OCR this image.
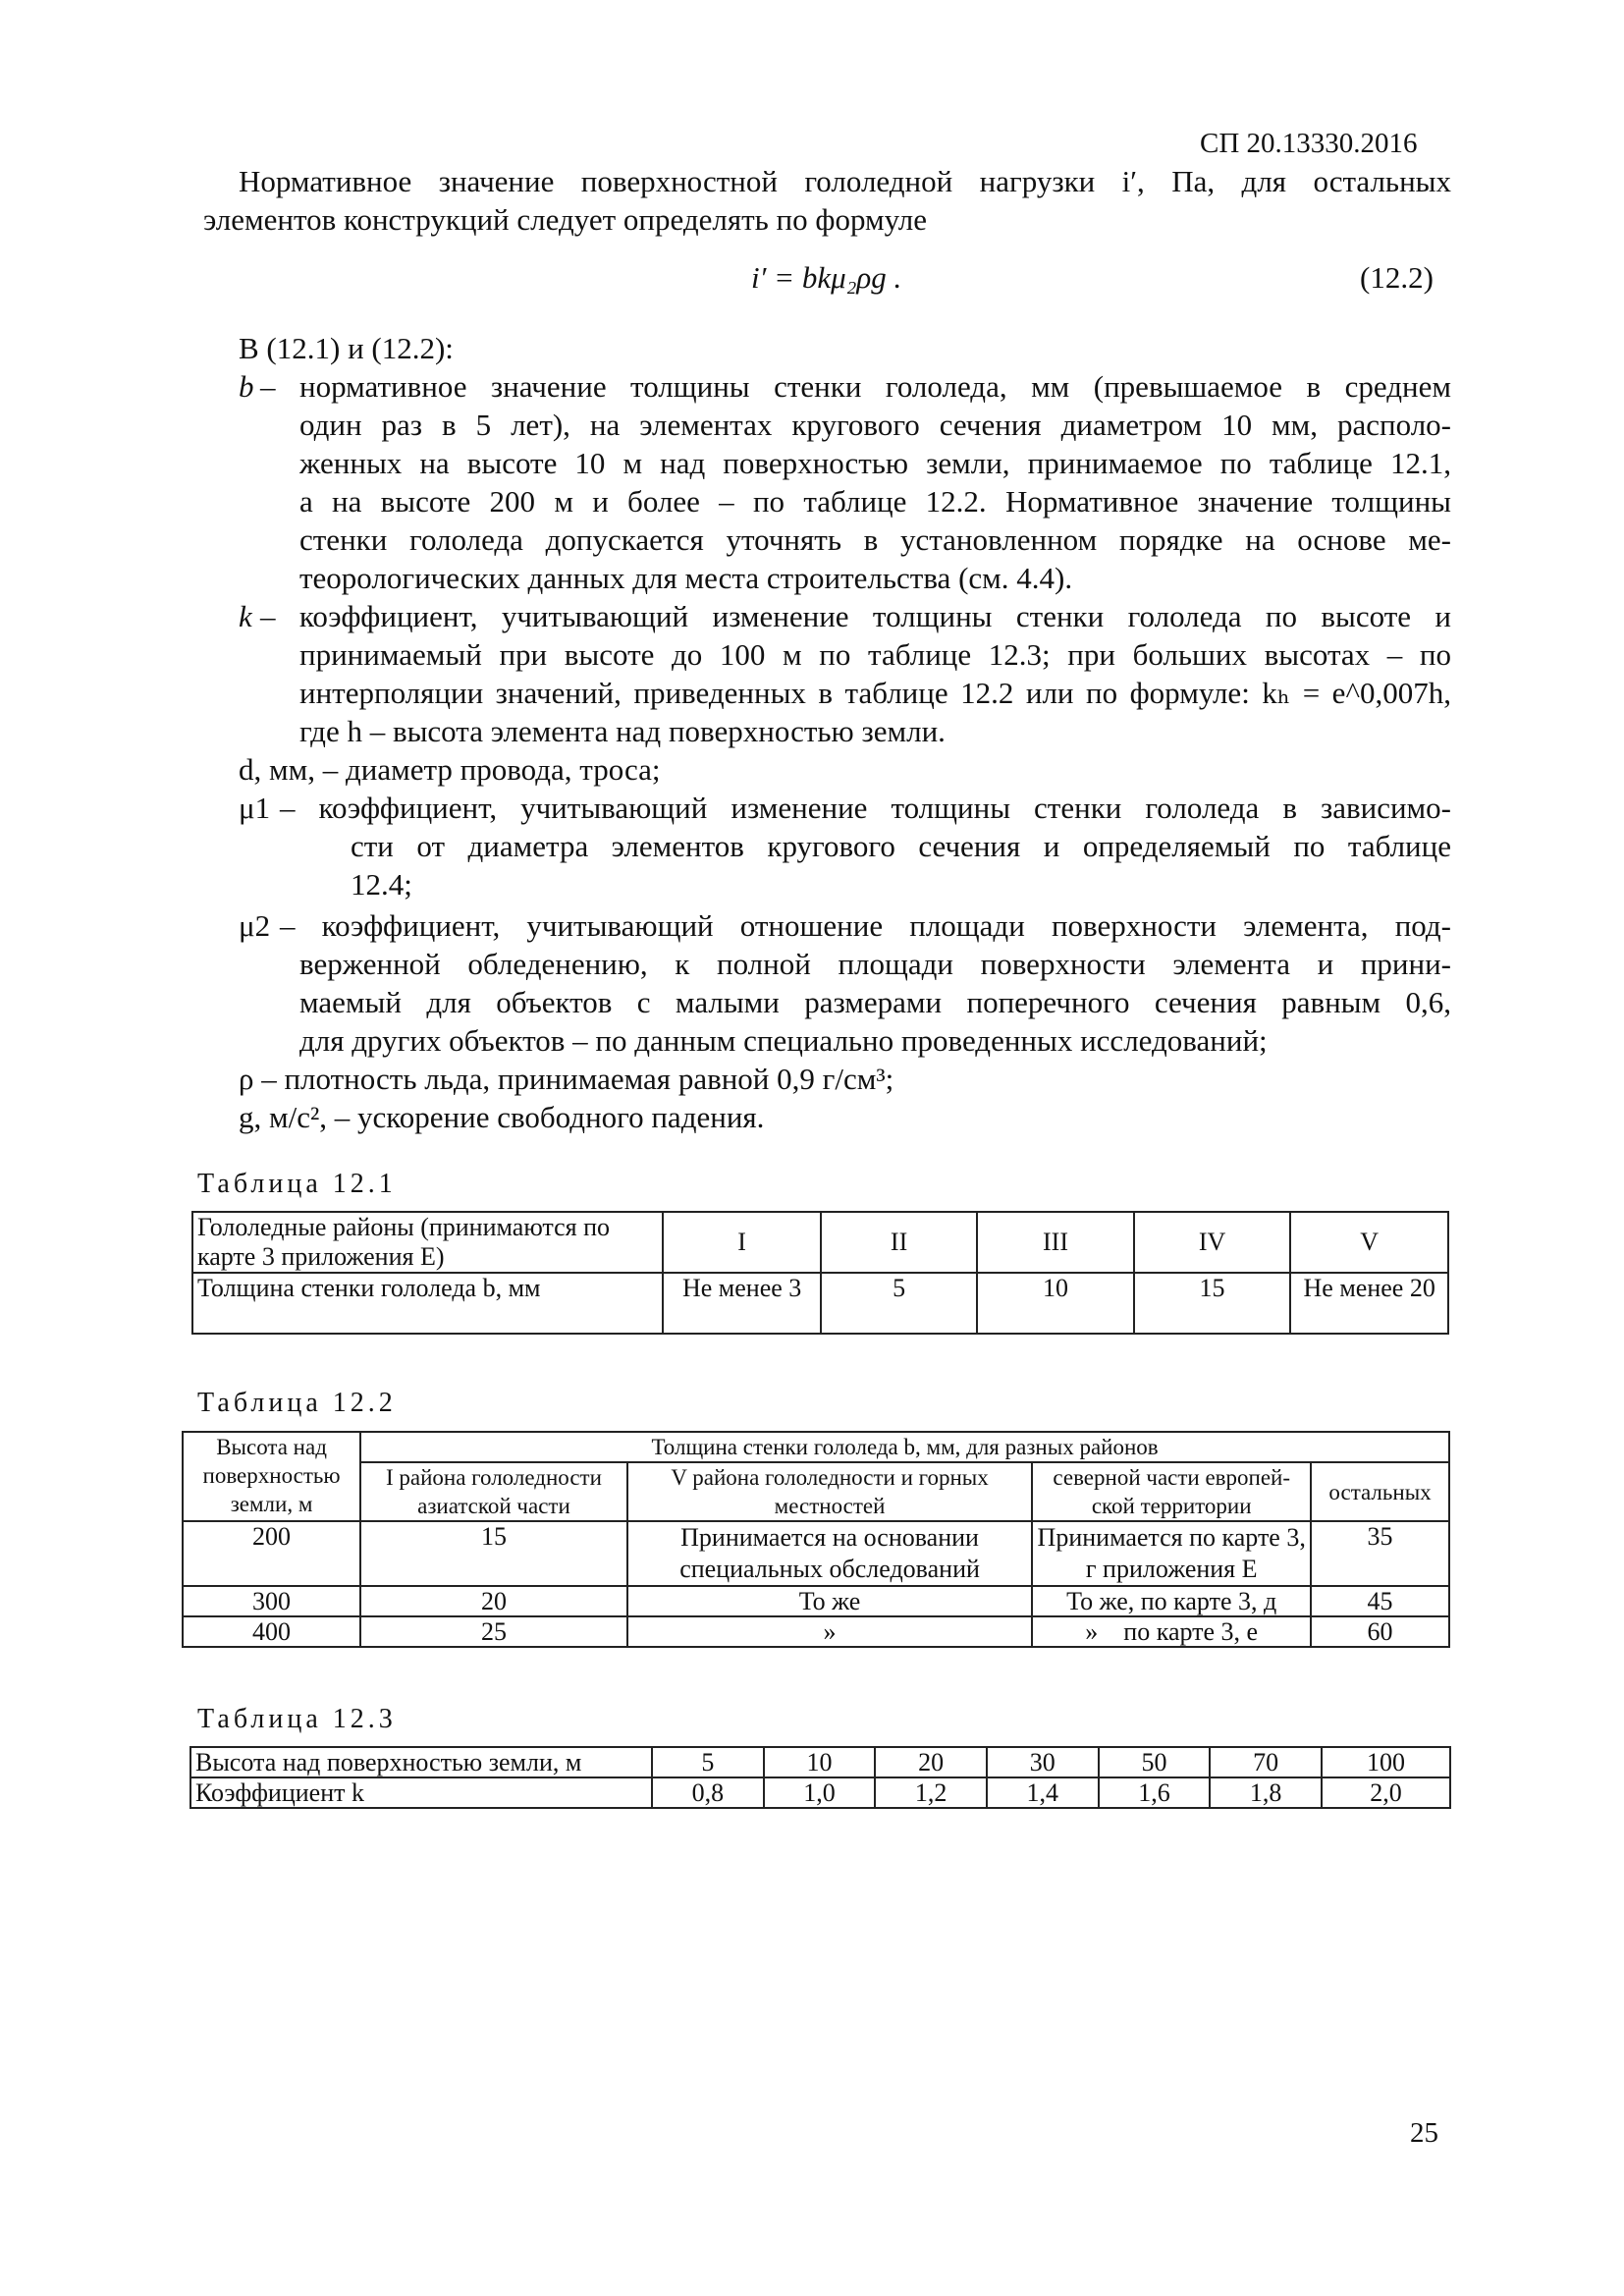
СП 20.13330.2016
Нормативное значение поверхностной гололедной нагрузки i′, Па, для остальных
элементов конструкций следует определять по формуле
i′ = bkμ₂ρg .	(12.2)
В (12.1) и (12.2):
b – нормативное значение толщины стенки гололеда, мм (превышаемое в среднем
один раз в 5 лет), на элементах кругового сечения диаметром 10 мм, располо-
женных на высоте 10 м над поверхностью земли, принимаемое по таблице 12.1,
а на высоте 200 м и более – по таблице 12.2. Нормативное значение толщины
стенки гололеда допускается уточнять в установленном порядке на основе ме-
теорологических данных для места строительства (см. 4.4).
k – коэффициент, учитывающий изменение толщины стенки гололеда по высоте и
принимаемый при высоте до 100 м по таблице 12.3; при больших высотах – по
интерполяции значений, приведенных в таблице 12.2 или по формуле: kₕ = e^0,007h,
где h – высота элемента над поверхностью земли.
d, мм, – диаметр провода, троса;
μ1 – коэффициент, учитывающий изменение толщины стенки гололеда в зависимо-
сти от диаметра элементов кругового сечения и определяемый по таблице
12.4;
μ2 – коэффициент, учитывающий отношение площади поверхности элемента, под-
верженной обледенению, к полной площади поверхности элемента и прини-
маемый для объектов с малыми размерами поперечного сечения равным 0,6,
для других объектов – по данным специально проведенных исследований;
ρ – плотность льда, принимаемая равной 0,9 г/см³;
g, м/с², – ускорение свободного падения.
Таблица 12.1
Гололедные районы (принимаются по карте 3 приложения Е)	I	II	III	IV	V
Толщина стенки гололеда b, мм	Не менее 3	5	10	15	Не менее 20
Таблица 12.2
Высота над поверхностью земли, м	Толщина стенки гололеда b, мм, для разных районов			
	I района гололедности азиатской части	V района гололедности и горных местностей	северной части европей-ской территории	остальных
200	15	Принимается на основании специальных обследований	Принимается по карте 3, г приложения Е	35
300	20	То же	То же, по карте 3, д	45
400	25	»	»    по карте 3, е	60
Таблица 12.3
Высота над поверхностью земли, м	5	10	20	30	50	70	100
Коэффициент k	0,8	1,0	1,2	1,4	1,6	1,8	2,0
25
